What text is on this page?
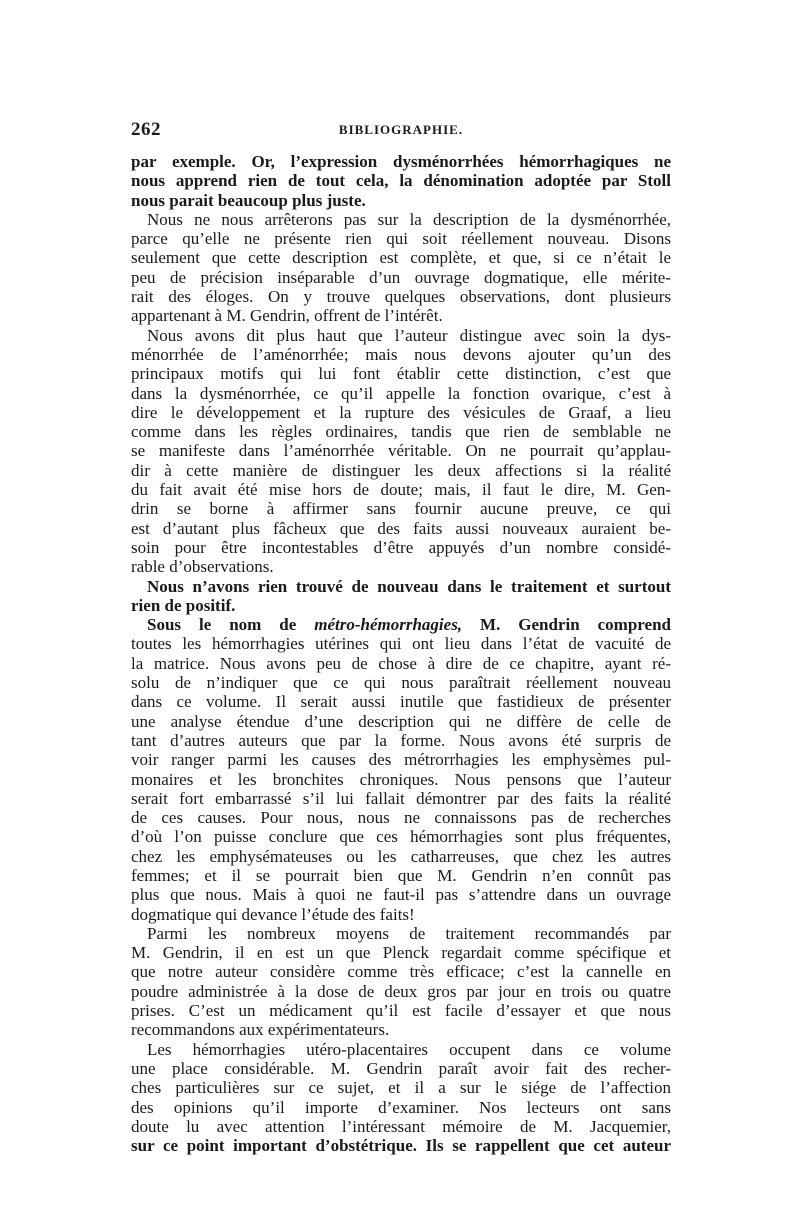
262	BIBLIOGRAPHIE.
par exemple. Or, l’expression dysménorrhées hémorrhagiques ne
nous apprend rien de tout cela, la dénomination adoptée par Stoll
nous parait beaucoup plus juste.
Nous ne nous arrêterons pas sur la description de la dysménorrhée,
parce qu’elle ne présente rien qui soit réellement nouveau. Disons
seulement que cette description est complète, et que, si ce n’était le
peu de précision inséparable d’un ouvrage dogmatique, elle mérite-
rait des éloges. On y trouve quelques observations, dont plusieurs
appartenant à M. Gendrin, offrent de l’intérêt.
Nous avons dit plus haut que l’auteur distingue avec soin la dys-
ménorrhée de l’aménorrhée; mais nous devons ajouter qu’un des
principaux motifs qui lui font établir cette distinction, c’est que
dans la dysménorrhée, ce qu’il appelle la fonction ovarique, c’est à
dire le développement et la rupture des vésicules de Graaf, a lieu
comme dans les règles ordinaires, tandis que rien de semblable ne
se manifeste dans l’aménorrhée véritable. On ne pourrait qu’applau-
dir à cette manière de distinguer les deux affections si la réalité
du fait avait été mise hors de doute; mais, il faut le dire, M. Gen-
drin se borne à affirmer sans fournir aucune preuve, ce qui
est d’autant plus fâcheux que des faits aussi nouveaux auraient be-
soin pour être incontestables d’être appuyés d’un nombre considé-
rable d’observations.
Nous n’avons rien trouvé de nouveau dans le traitement et surtout
rien de positif.
Sous le nom de métro-hémorrhagies, M. Gendrin comprend
toutes les hémorrhagies utérines qui ont lieu dans l’état de vacuité de
la matrice. Nous avons peu de chose à dire de ce chapitre, ayant ré-
solu de n’indiquer que ce qui nous paraîtrait réellement nouveau
dans ce volume. Il serait aussi inutile que fastidieux de présenter
une analyse étendue d’une description qui ne diffère de celle de
tant d’autres auteurs que par la forme. Nous avons été surpris de
voir ranger parmi les causes des métrorrhagies les emphysèmes pul-
monaires et les bronchites chroniques. Nous pensons que l’auteur
serait fort embarrassé s’il lui fallait démontrer par des faits la réalité
de ces causes. Pour nous, nous ne connaissons pas de recherches
d’où l’on puisse conclure que ces hémorrhagies sont plus fréquentes,
chez les emphysémateuses ou les catharreuses, que chez les autres
femmes; et il se pourrait bien que M. Gendrin n’en connût pas
plus que nous. Mais à quoi ne faut-il pas s’attendre dans un ouvrage
dogmatique qui devance l’étude des faits!
Parmi les nombreux moyens de traitement recommandés par
M. Gendrin, il en est un que Plenck regardait comme spécifique et
que notre auteur considère comme très efficace; c’est la cannelle en
poudre administrée à la dose de deux gros par jour en trois ou quatre
prises. C’est un médicament qu’il est facile d’essayer et que nous
recommandons aux expérimentateurs.
Les hémorrhagies utéro-placentaires occupent dans ce volume
une place considérable. M. Gendrin paraît avoir fait des recher-
ches particulières sur ce sujet, et il a sur le siége de l’affection
des opinions qu’il importe d’examiner. Nos lecteurs ont sans
doute lu avec attention l’intéressant mémoire de M. Jacquemier,
sur ce point important d’obstétrique. Ils se rappellent que cet auteur
